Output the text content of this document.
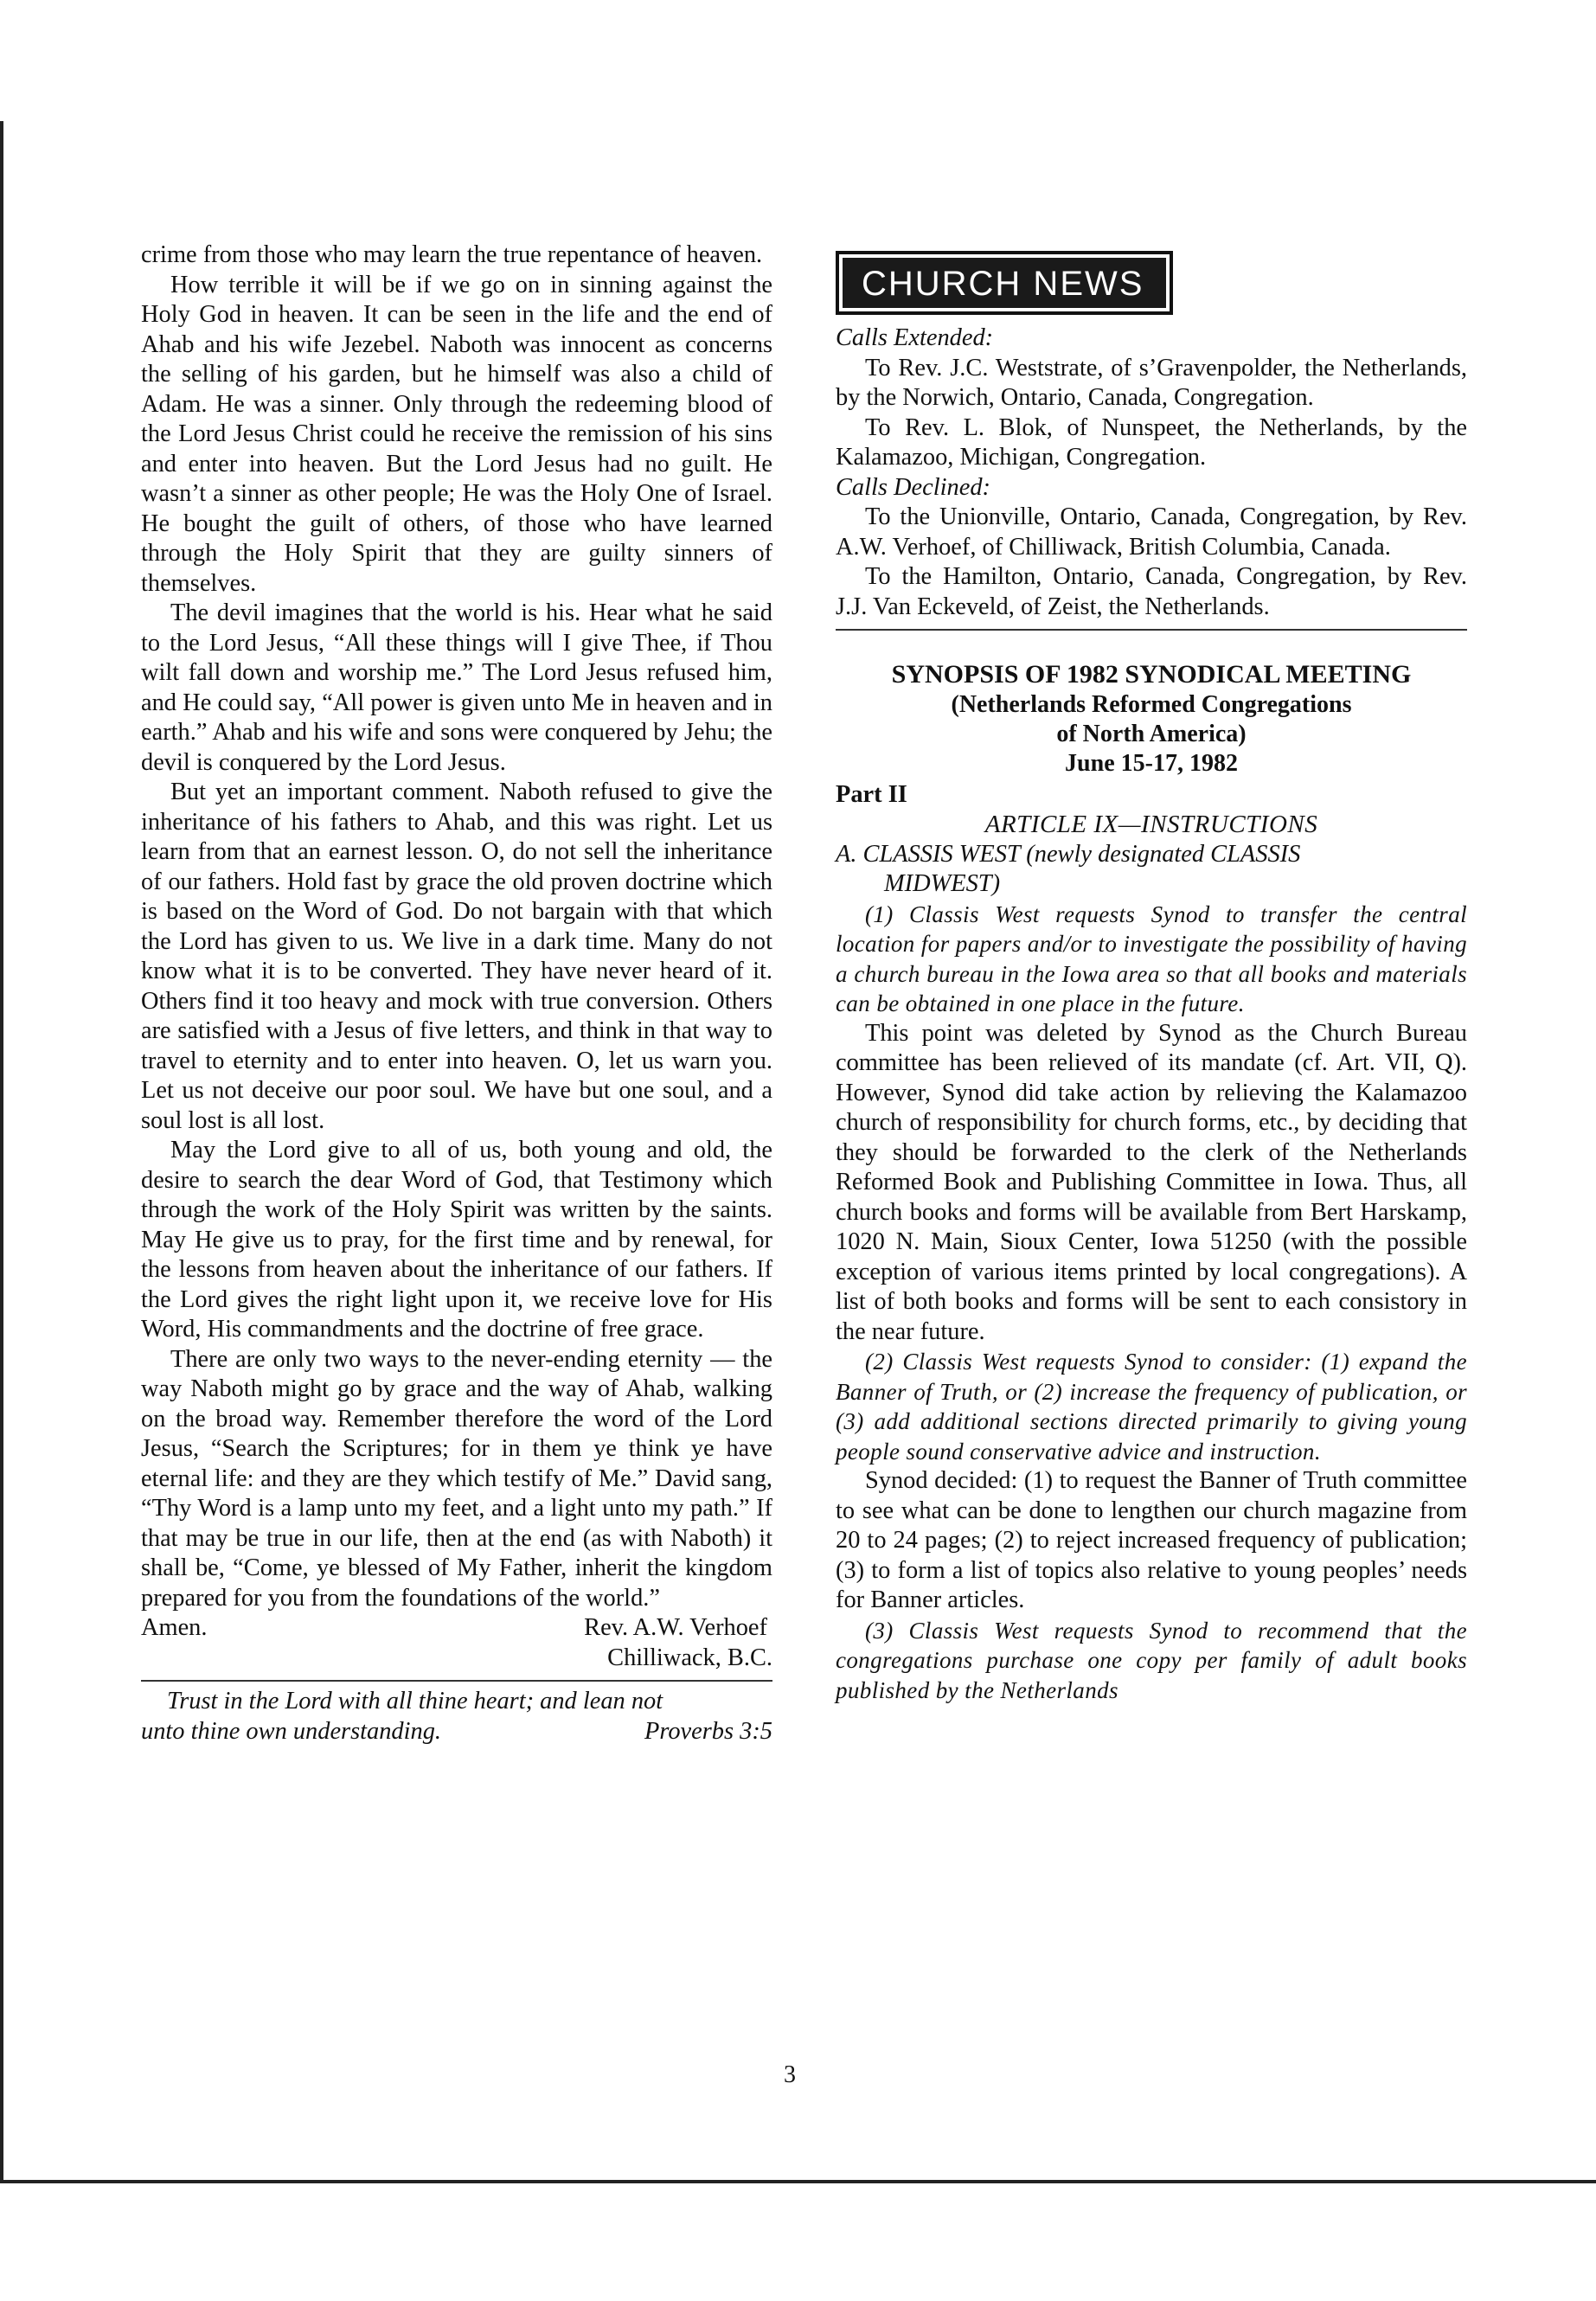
crime from those who may learn the true repentance of heaven.

How terrible it will be if we go on in sinning against the Holy God in heaven. It can be seen in the life and the end of Ahab and his wife Jezebel. Naboth was innocent as concerns the selling of his garden, but he himself was also a child of Adam. He was a sinner. Only through the redeeming blood of the Lord Jesus Christ could he receive the remission of his sins and enter into heaven. But the Lord Jesus had no guilt. He wasn’t a sinner as other people; He was the Holy One of Israel. He bought the guilt of others, of those who have learned through the Holy Spirit that they are guilty sinners of themselves.

The devil imagines that the world is his. Hear what he said to the Lord Jesus, “All these things will I give Thee, if Thou wilt fall down and worship me.” The Lord Jesus refused him, and He could say, “All power is given unto Me in heaven and in earth.” Ahab and his wife and sons were conquered by Jehu; the devil is conquered by the Lord Jesus.

But yet an important comment. Naboth refused to give the inheritance of his fathers to Ahab, and this was right. Let us learn from that an earnest lesson. O, do not sell the inheritance of our fathers. Hold fast by grace the old proven doctrine which is based on the Word of God. Do not bargain with that which the Lord has given to us. We live in a dark time. Many do not know what it is to be converted. They have never heard of it. Others find it too heavy and mock with true conversion. Others are satisfied with a Jesus of five letters, and think in that way to travel to eternity and to enter into heaven. O, let us warn you. Let us not deceive our poor soul. We have but one soul, and a soul lost is all lost.

May the Lord give to all of us, both young and old, the desire to search the dear Word of God, that Testimony which through the work of the Holy Spirit was written by the saints. May He give us to pray, for the first time and by renewal, for the lessons from heaven about the inheritance of our fathers. If the Lord gives the right light upon it, we receive love for His Word, His commandments and the doctrine of free grace.

There are only two ways to the never-ending eternity — the way Naboth might go by grace and the way of Ahab, walking on the broad way. Remember therefore the word of the Lord Jesus, “Search the Scriptures; for in them ye think ye have eternal life: and they are they which testify of Me.” David sang, “Thy Word is a lamp unto my feet, and a light unto my path.” If that may be true in our life, then at the end (as with Naboth) it shall be, “Come, ye blessed of My Father, inherit the kingdom prepared for you from the foundations of the world.”

Amen.	Rev. A.W. Verhoef
Chilliwack, B.C.
Trust in the Lord with all thine heart; and lean not
unto thine own understanding.	Proverbs 3:5
CHURCH NEWS
Calls Extended:

To Rev. J.C. Weststrate, of s’Gravenpolder, the Netherlands, by the Norwich, Ontario, Canada, Congregation.

To Rev. L. Blok, of Nunspeet, the Netherlands, by the Kalamazoo, Michigan, Congregation.

Calls Declined:

To the Unionville, Ontario, Canada, Congregation, by Rev. A.W. Verhoef, of Chilliwack, British Columbia, Canada.

To the Hamilton, Ontario, Canada, Congregation, by Rev. J.J. Van Eckeveld, of Zeist, the Netherlands.

SYNOPSIS OF 1982 SYNODICAL MEETING
(Netherlands Reformed Congregations
of North America)
June 15-17, 1982
Part II
ARTICLE IX—INSTRUCTIONS
A. CLASSIS WEST (newly designated CLASSIS
MIDWEST)

(1) Classis West requests Synod to transfer the central location for papers and/or to investigate the possibility of having a church bureau in the Iowa area so that all books and materials can be obtained in one place in the future.

This point was deleted by Synod as the Church Bureau committee has been relieved of its mandate (cf. Art. VII, Q). However, Synod did take action by relieving the Kalamazoo church of responsibility for church forms, etc., by deciding that they should be forwarded to the clerk of the Netherlands Reformed Book and Publishing Committee in Iowa. Thus, all church books and forms will be available from Bert Harskamp, 1020 N. Main, Sioux Center, Iowa 51250 (with the possible exception of various items printed by local congregations). A list of both books and forms will be sent to each consistory in the near future.

(2) Classis West requests Synod to consider: (1) expand the Banner of Truth, or (2) increase the frequency of publication, or (3) add additional sections directed primarily to giving young people sound conservative advice and instruction.

Synod decided: (1) to request the Banner of Truth committee to see what can be done to lengthen our church magazine from 20 to 24 pages; (2) to reject increased frequency of publication; (3) to form a list of topics also relative to young peoples’ needs for Banner articles.

(3) Classis West requests Synod to recommend that the congregations purchase one copy per family of adult books published by the Netherlands

3
